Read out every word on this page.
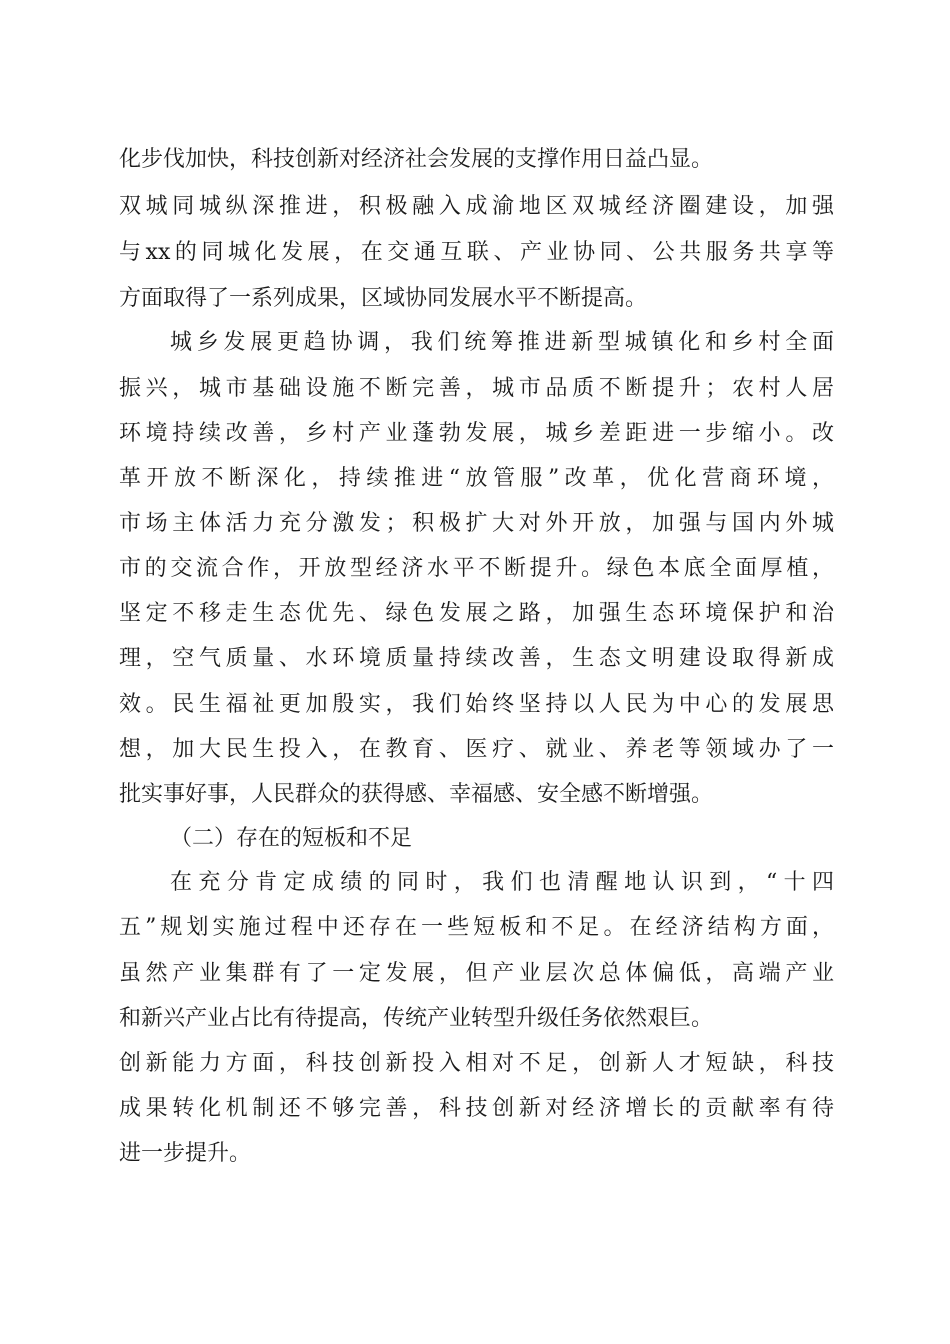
化步伐加快，科技创新对经济社会发展的支撑作用日益凸显。
双城同城纵深推进，积极融入成渝地区双城经济圈建设，加强
与xx的同城化发展，在交通互联、产业协同、公共服务共享等
方面取得了一系列成果，区域协同发展水平不断提高。
城乡发展更趋协调，我们统筹推进新型城镇化和乡村全面
振兴，城市基础设施不断完善，城市品质不断提升；农村人居
环境持续改善，乡村产业蓬勃发展，城乡差距进一步缩小。改
革开放不断深化，持续推进“放管服”改革，优化营商环境，
市场主体活力充分激发；积极扩大对外开放，加强与国内外城
市的交流合作，开放型经济水平不断提升。绿色本底全面厚植，
坚定不移走生态优先、绿色发展之路，加强生态环境保护和治
理，空气质量、水环境质量持续改善，生态文明建设取得新成
效。民生福祉更加殷实，我们始终坚持以人民为中心的发展思
想，加大民生投入，在教育、医疗、就业、养老等领域办了一
批实事好事，人民群众的获得感、幸福感、安全感不断增强。
（二）存在的短板和不足
在充分肯定成绩的同时，我们也清醒地认识到，“十四
五”规划实施过程中还存在一些短板和不足。在经济结构方面，
虽然产业集群有了一定发展，但产业层次总体偏低，高端产业
和新兴产业占比有待提高，传统产业转型升级任务依然艰巨。
创新能力方面，科技创新投入相对不足，创新人才短缺，科技
成果转化机制还不够完善，科技创新对经济增长的贡献率有待
进一步提升。
